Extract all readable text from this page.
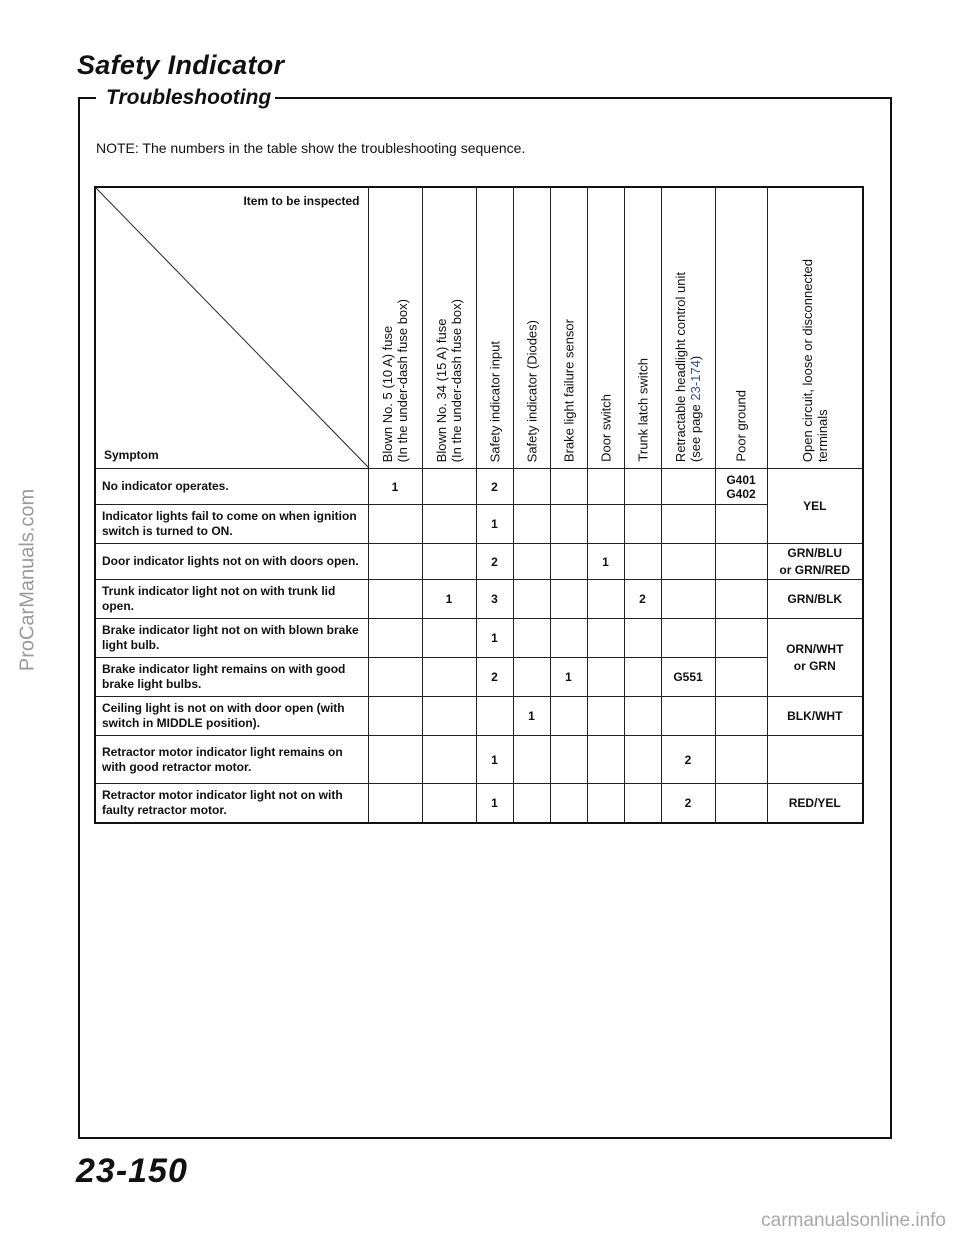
Safety Indicator
Troubleshooting
NOTE: The numbers in the table show the troubleshooting sequence.
Item to be inspected
Symptom	Blown No. 5 (10 A) fuse
(In the under-dash fuse box)	Blown No. 34 (15 A) fuse
(In the under-dash fuse box)	Safety indicator input	Safety indicator (Diodes)	Brake light failure sensor	Door switch	Trunk latch switch	Retractable headlight control unit
(see page 23-174)	Poor ground	Open circuit, loose or disconnected
terminals

No indicator operates.	1		2						G401
G402	YEL
Indicator lights fail to come on when ignition switch is turned to ON.			1							
Door indicator lights not on with doors open.			2			1				GRN/BLU
or GRN/RED
Trunk indicator light not on with trunk lid open.		1	3				2			GRN/BLK
Brake indicator light not on with blown brake light bulb.			1							ORN/WHT
or GRN
Brake indicator light remains on with good brake light bulbs.			2		1			G551		
Ceiling light is not on with door open (with switch in MIDDLE position).				1						BLK/WHT
Retractor motor indicator light remains on with good retractor motor.			1					2		
Retractor motor indicator light not on with faulty retractor motor.			1					2		RED/YEL
23-150
ProCarManuals.com
carmanualsonline.info
